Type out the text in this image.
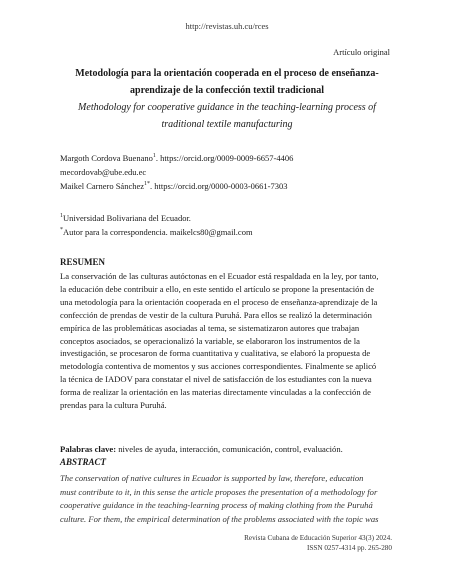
http://revistas.uh.cu/rces
Artículo original
Metodología para la orientación cooperada en el proceso de enseñanza-
aprendizaje de la confección textil tradicional
Methodology for cooperative guidance in the teaching-learning process of
traditional textile manufacturing
Margoth Cordova Buenano$^1$. https://orcid.org/0009-0009-6657-4406
mecordovab@ube.edu.ec
Maikel Carnero Sánchez$^{1*}$. https://orcid.org/0000-0003-0661-7303
$^1$Universidad Bolivariana del Ecuador.
*Autor para la correspondencia. maikelcs80@gmail.com
RESUMEN
La conservación de las culturas autóctonas en el Ecuador está respaldada en la ley, por tanto,
la educación debe contribuir a ello, en este sentido el artículo se propone la presentación de
una metodología para la orientación cooperada en el proceso de enseñanza-aprendizaje de la
confección de prendas de vestir de la cultura Puruhá. Para ellos se realizó la determinación
empírica de las problemáticas asociadas al tema, se sistematizaron autores que trabajan
conceptos asociados, se operacionalizó la variable, se elaboraron los instrumentos de la
investigación, se procesaron de forma cuantitativa y cualitativa, se elaboró la propuesta de
metodología contentiva de momentos y sus acciones correspondientes. Finalmente se aplicó
la técnica de IADOV para constatar el nivel de satisfacción de los estudiantes con la nueva
forma de realizar la orientación en las materias directamente vinculadas a la confección de
prendas para la cultura Puruhá.
Palabras clave: niveles de ayuda, interacción, comunicación, control, evaluación.
ABSTRACT
The conservation of native cultures in Ecuador is supported by law, therefore, education
must contribute to it, in this sense the article proposes the presentation of a methodology for
cooperative guidance in the teaching-learning process of making clothing from the Puruhá
culture. For them, the empirical determination of the problems associated with the topic was
Revista Cubana de Educación Superior 43(3) 2024.
ISSN 0257-4314 pp. 265-280
